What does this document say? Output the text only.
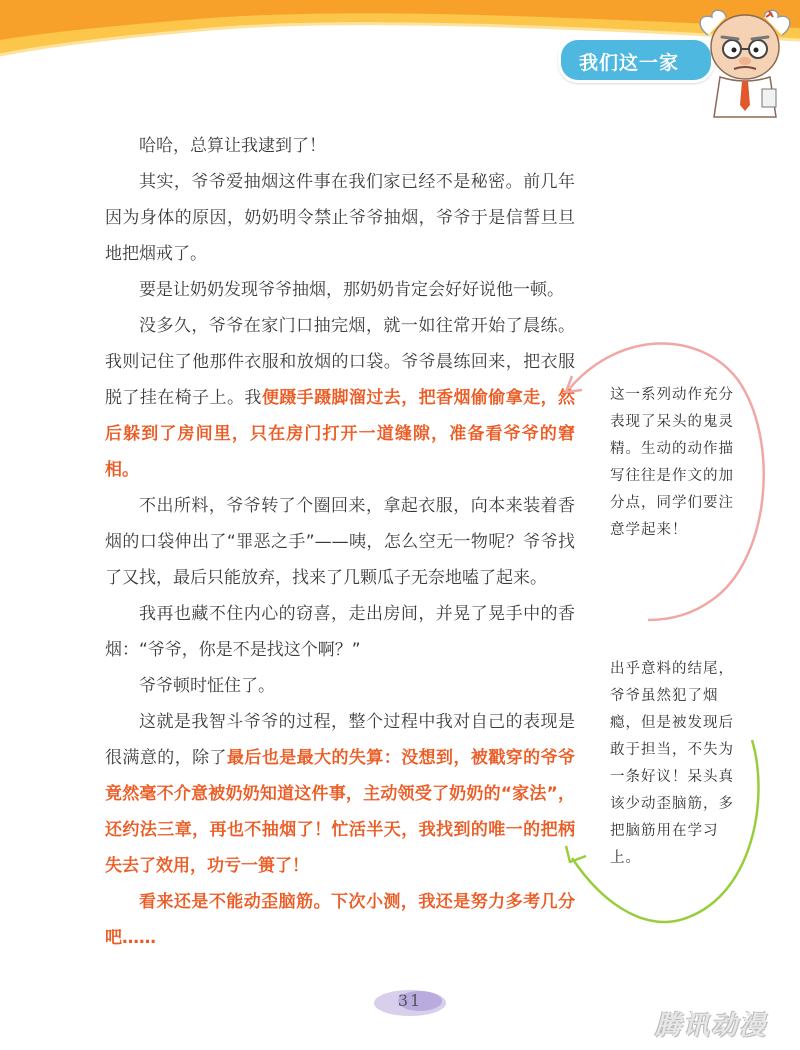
我们这一家

哈哈，总算让我逮到了！

其实，爷爷爱抽烟这件事在我们家已经不是秘密。前几年因为身体的原因，奶奶明令禁止爷爷抽烟，爷爷于是信誓旦旦地把烟戒了。

要是让奶奶发现爷爷抽烟，那奶奶肯定会好好说他一顿。

没多久，爷爷在家门口抽完烟，就一如往常开始了晨练。我则记住了他那件衣服和放烟的口袋。爷爷晨练回来，把衣服脱了挂在椅子上。我便蹑手蹑脚溜过去，把香烟偷偷拿走，然后躲到了房间里，只在房门打开一道缝隙，准备看爷爷的窘相。

不出所料，爷爷转了个圈回来，拿起衣服，向本来装着香烟的口袋伸出了“罪恶之手”——咦，怎么空无一物呢？爷爷找了又找，最后只能放弃，找来了几颗瓜子无奈地嗑了起来。

我再也藏不住内心的窃喜，走出房间，并晃了晃手中的香烟：“爷爷，你是不是找这个啊？”

爷爷顿时怔住了。

这就是我智斗爷爷的过程，整个过程中我对自己的表现是很满意的，除了最后也是最大的失算：没想到，被戳穿的爷爷竟然毫不介意被奶奶知道这件事，主动领受了奶奶的“家法”，还约法三章，再也不抽烟了！忙活半天，我找到的唯一的把柄失去了效用，功亏一篑了！

看来还是不能动歪脑筋。下次小测，我还是努力多考几分吧……

这一系列动作充分表现了呆头的鬼灵精。生动的动作描写往往是作文的加分点，同学们要注意学起来！
出乎意料的结尾，爷爷虽然犯了烟瘾，但是被发现后敢于担当，不失为一条好议！呆头真该少动歪脑筋，多把脑筋用在学习上。
31
腾讯动漫
